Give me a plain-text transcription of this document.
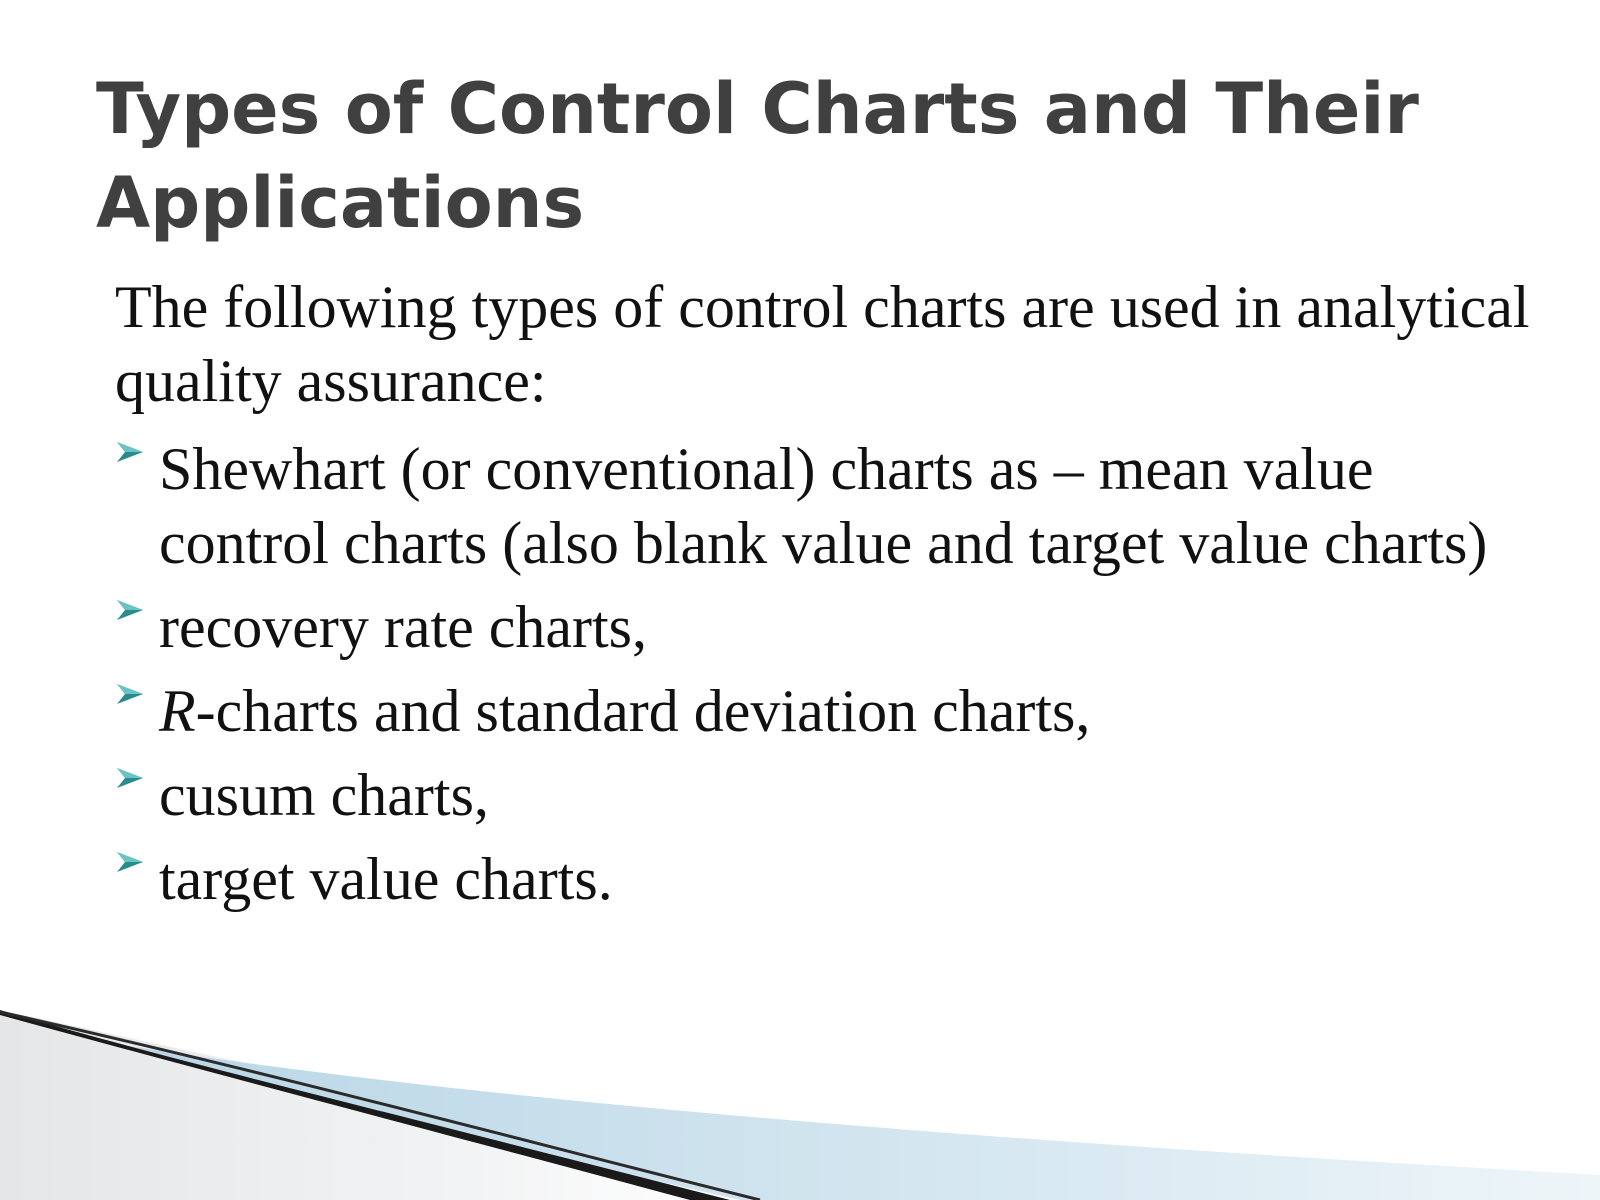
Types of Control Charts and Their Applications

The following types of control charts are used in analytical quality assurance:

Shewhart (or conventional) charts as – mean value control charts (also blank value and target value charts)
recovery rate charts,
R-charts and standard deviation charts,
cusum charts,
target value charts.
